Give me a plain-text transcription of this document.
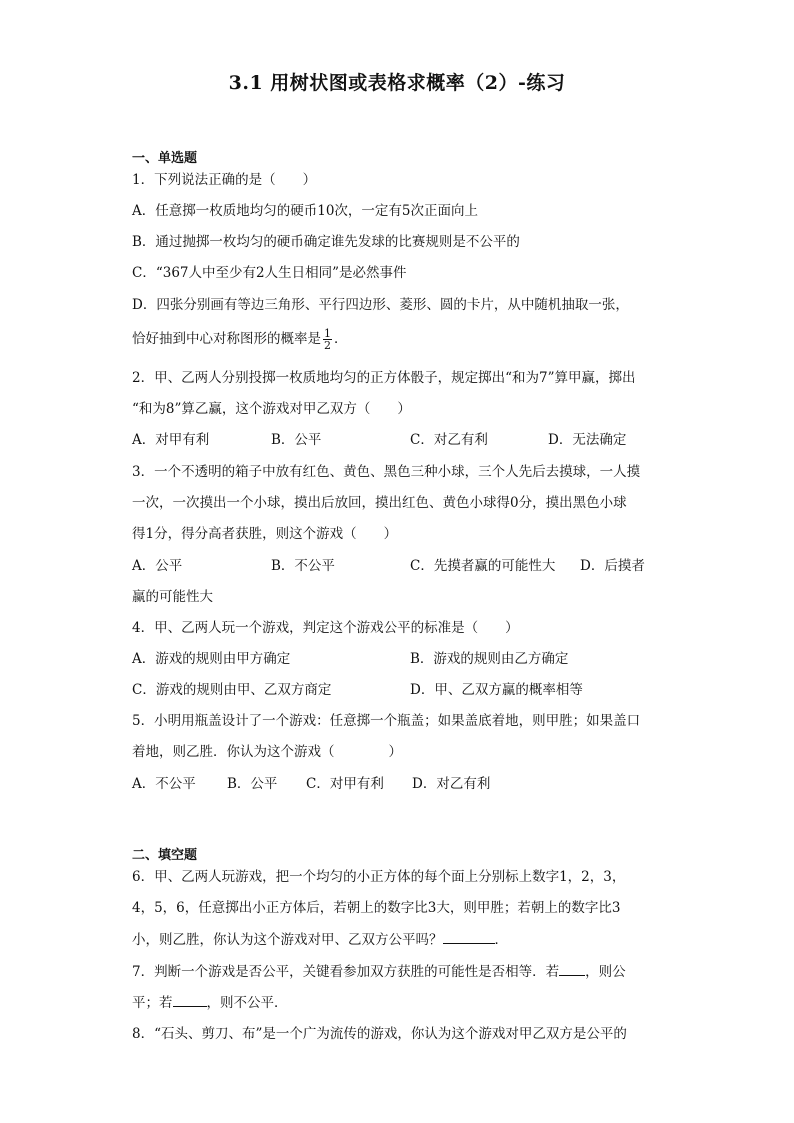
3.1 用树状图或表格求概率（2）-练习
一、单选题
1．下列说法正确的是（　　）
A．任意掷一枚质地均匀的硬币10次，一定有5次正面向上
B．通过抛掷一枚均匀的硬币确定谁先发球的比赛规则是不公平的
C．“367人中至少有2人生日相同”是必然事件
D．四张分别画有等边三角形、平行四边形、菱形、圆的卡片，从中随机抽取一张，
恰好抽到中心对称图形的概率是 $\frac{1}{2}$ ．
2．甲、乙两人分别投掷一枚质地均匀的正方体骰子，规定掷出“和为7”算甲赢，掷出
“和为8”算乙赢，这个游戏对甲乙双方（　　）
A．对甲有利	B．公平	C．对乙有利	D．无法确定
3．一个不透明的箱子中放有红色、黄色、黑色三种小球，三个人先后去摸球，一人摸
一次，一次摸出一个小球，摸出后放回，摸出红色、黄色小球得0分，摸出黑色小球
得1分，得分高者获胜，则这个游戏（　　）
A．公平	B．不公平	C．先摸者赢的可能性大 D．后摸者
赢的可能性大
4．甲、乙两人玩一个游戏，判定这个游戏公平的标准是（　　）
A．游戏的规则由甲方确定	B．游戏的规则由乙方确定
C．游戏的规则由甲、乙双方商定	D．甲、乙双方赢的概率相等
5．小明用瓶盖设计了一个游戏：任意掷一个瓶盖；如果盖底着地，则甲胜；如果盖口
着地，则乙胜．你认为这个游戏（　　　　）
A．不公平 B．公平 C．对甲有利 D．对乙有利
二、填空题
6．甲、乙两人玩游戏，把一个均匀的小正方体的每个面上分别标上数字1，2，3，
4，5，6，任意掷出小正方体后，若朝上的数字比3大，则甲胜；若朝上的数字比3
小，则乙胜，你认为这个游戏对甲、乙双方公平吗？	．
7．判断一个游戏是否公平，关键看参加双方获胜的可能性是否相等．若 ，则公
平；若	，则不公平．
8．“石头、剪刀、布”是一个广为流传的游戏，你认为这个游戏对甲乙双方是公平的
